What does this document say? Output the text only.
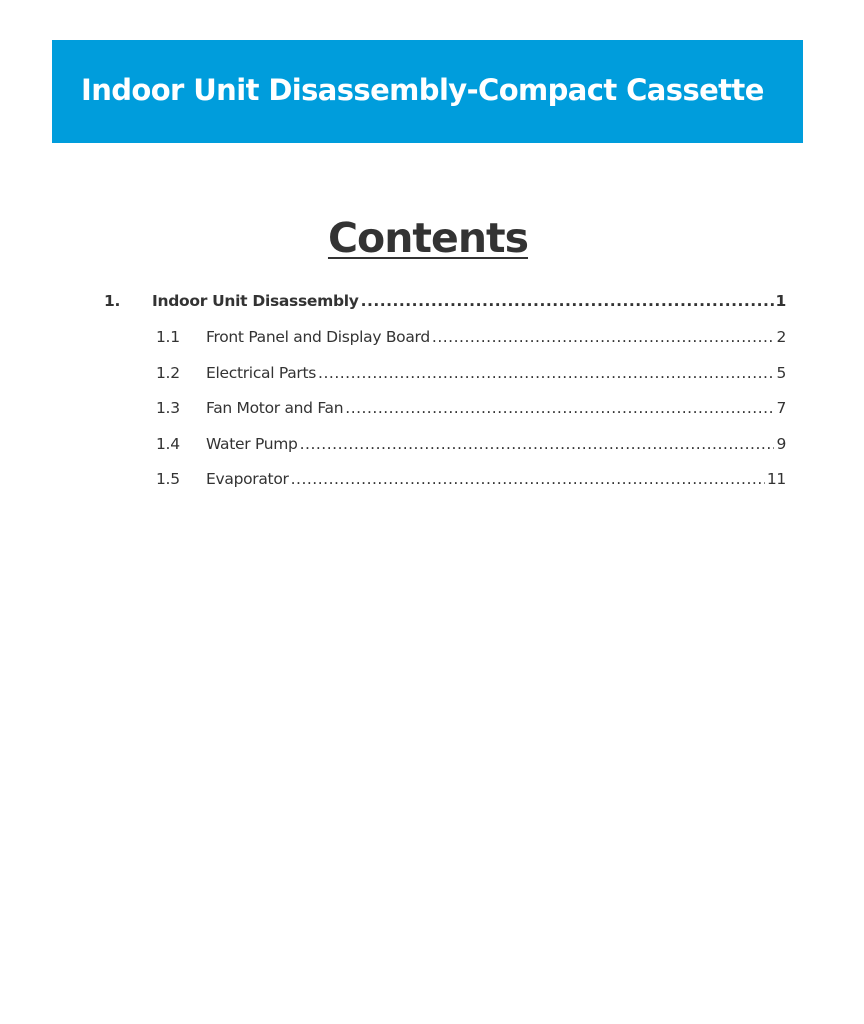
Indoor Unit Disassembly-Compact Cassette
Contents
1.	Indoor Unit Disassembly .....	1
1.1	Front Panel and Display Board .....	2
1.2	Electrical Parts .....	5
1.3	Fan Motor and Fan .....	7
1.4	Water Pump .....	9
1.5	Evaporator .....	11
